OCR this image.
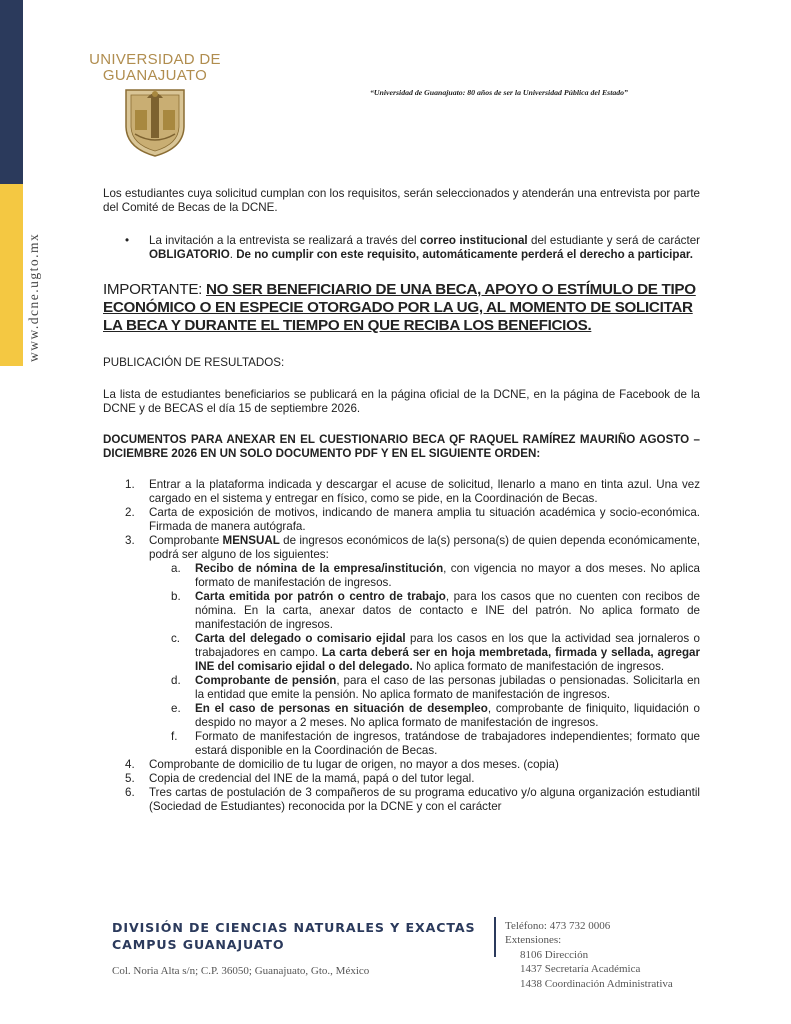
www.dcne.ugto.mx
UNIVERSIDAD DE
GUANAJUATO
“Universidad de Guanajuato: 80 años de ser la Universidad Pública del Estado”

Los estudiantes cuya solicitud cumplan con los requisitos, serán seleccionados y atenderán una entrevista por parte del Comité de Becas de la DCNE.

• La invitación a la entrevista se realizará a través del correo institucional del estudiante y será de carácter OBLIGATORIO. De no cumplir con este requisito, automáticamente perderá el derecho a participar.

IMPORTANTE: NO SER BENEFICIARIO DE UNA BECA, APOYO O ESTÍMULO DE TIPO ECONÓMICO O EN ESPECIE OTORGADO POR LA UG, AL MOMENTO DE SOLICITAR LA BECA Y DURANTE EL TIEMPO EN QUE RECIBA LOS BENEFICIOS.

PUBLICACIÓN DE RESULTADOS:

La lista de estudiantes beneficiarios se publicará en la página oficial de la DCNE, en la página de Facebook de la DCNE y de BECAS el día 15 de septiembre 2026.

DOCUMENTOS PARA ANEXAR EN EL CUESTIONARIO BECA QF RAQUEL RAMÍREZ MAURIÑO AGOSTO – DICIEMBRE 2026 EN UN SOLO DOCUMENTO PDF Y EN EL SIGUIENTE ORDEN:

1. Entrar a la plataforma indicada y descargar el acuse de solicitud, llenarlo a mano en tinta azul. Una vez cargado en el sistema y entregar en físico, como se pide, en la Coordinación de Becas.
2. Carta de exposición de motivos, indicando de manera amplia tu situación académica y socio-económica. Firmada de manera autógrafa.
3. Comprobante MENSUAL de ingresos económicos de la(s) persona(s) de quien dependa económicamente, podrá ser alguno de los siguientes:
a. Recibo de nómina de la empresa/institución, con vigencia no mayor a dos meses. No aplica formato de manifestación de ingresos.
b. Carta emitida por patrón o centro de trabajo, para los casos que no cuenten con recibos de nómina. En la carta, anexar datos de contacto e INE del patrón. No aplica formato de manifestación de ingresos.
c. Carta del delegado o comisario ejidal para los casos en los que la actividad sea jornaleros o trabajadores en campo. La carta deberá ser en hoja membretada, firmada y sellada, agregar INE del comisario ejidal o del delegado. No aplica formato de manifestación de ingresos.
d. Comprobante de pensión, para el caso de las personas jubiladas o pensionadas. Solicitarla en la entidad que emite la pensión. No aplica formato de manifestación de ingresos.
e. En el caso de personas en situación de desempleo, comprobante de finiquito, liquidación o despido no mayor a 2 meses. No aplica formato de manifestación de ingresos.
f. Formato de manifestación de ingresos, tratándose de trabajadores independientes; formato que estará disponible en la Coordinación de Becas.
4. Comprobante de domicilio de tu lugar de origen, no mayor a dos meses. (copia)
5. Copia de credencial del INE de la mamá, papá o del tutor legal.
6. Tres cartas de postulación de 3 compañeros de su programa educativo y/o alguna organización estudiantil (Sociedad de Estudiantes) reconocida por la DCNE y con el carácter
DIVISIÓN DE CIENCIAS NATURALES Y EXACTAS
CAMPUS GUANAJUATO
Col. Noria Alta s/n; C.P. 36050; Guanajuato, Gto., México
Teléfono: 473 732 0006
Extensiones:
8106 Dirección
1437 Secretaría Académica
1438 Coordinación Administrativa
